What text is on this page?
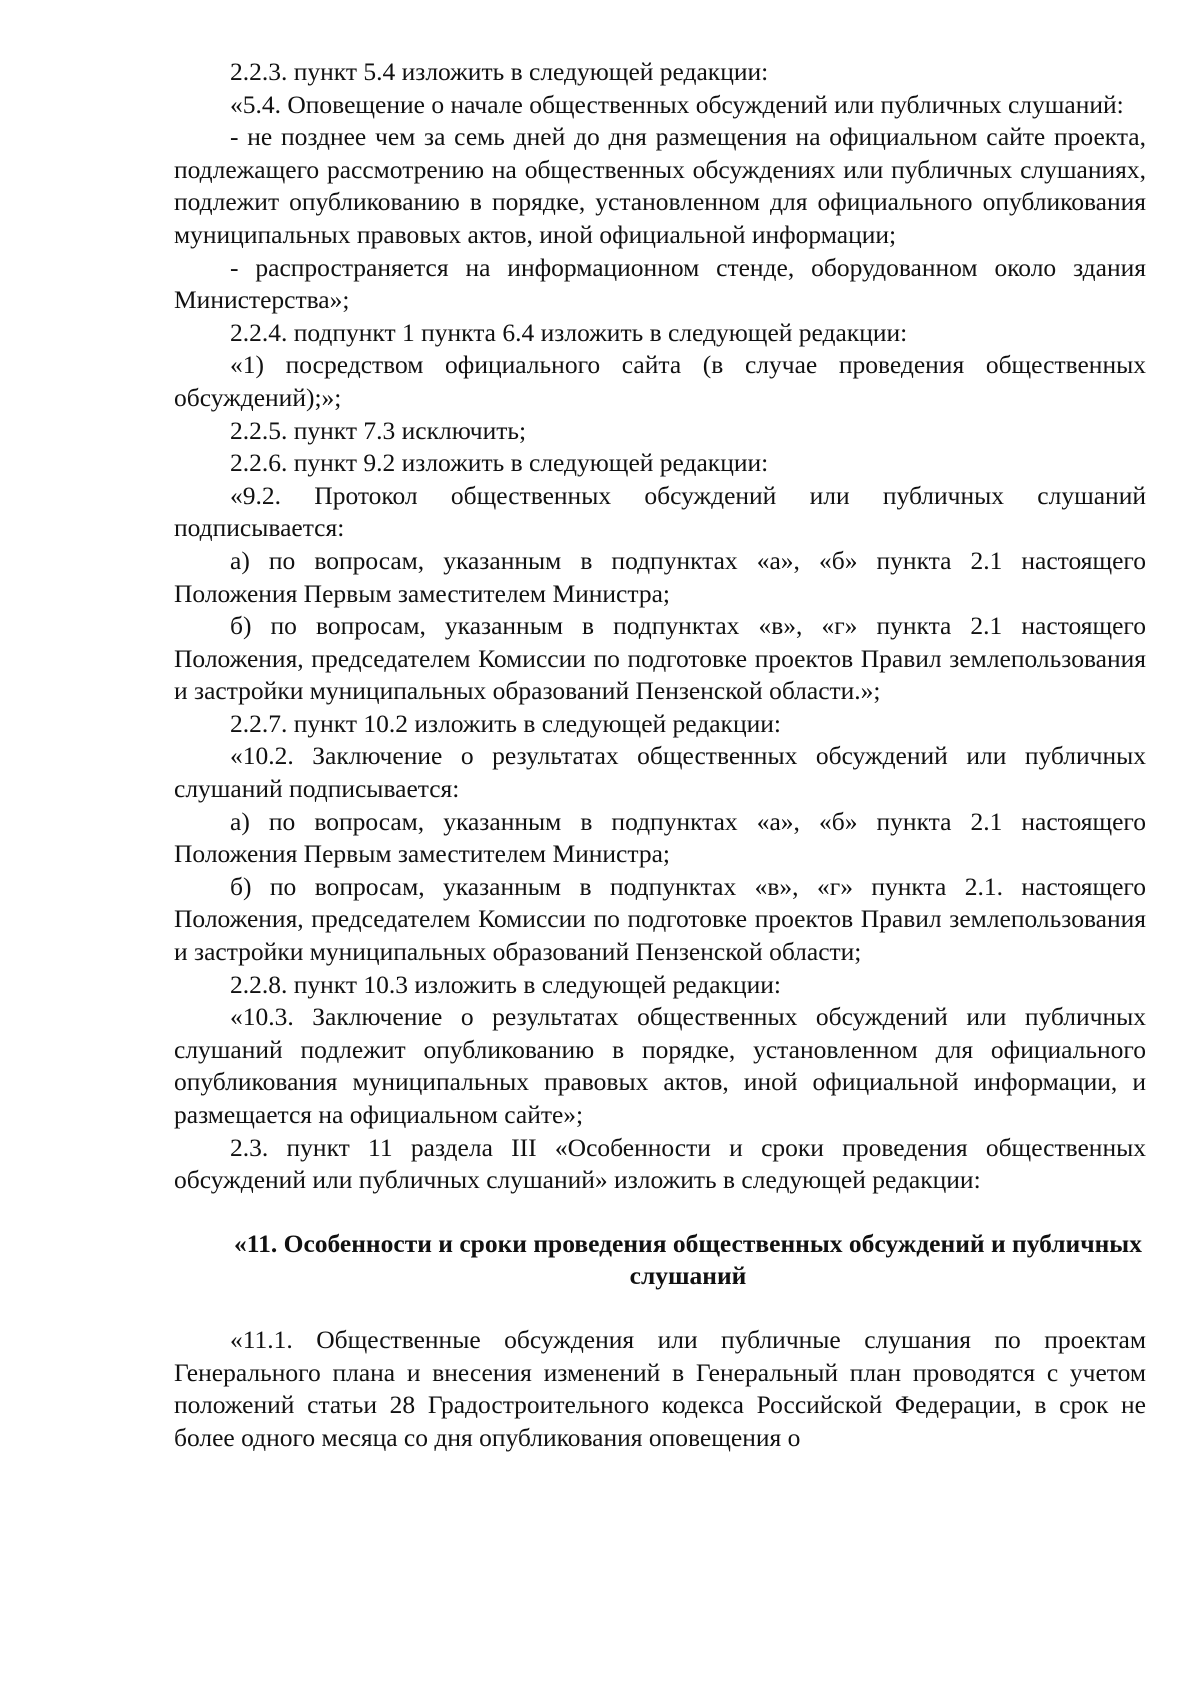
2.2.3. пункт 5.4 изложить в следующей редакции:

«5.4. Оповещение о начале общественных обсуждений или публичных слушаний:

- не позднее чем за семь дней до дня размещения на официальном сайте проекта, подлежащего рассмотрению на общественных обсуждениях или публичных слушаниях, подлежит опубликованию в порядке, установленном для официального опубликования муниципальных правовых актов, иной официальной информации;

- распространяется на информационном стенде, оборудованном около здания Министерства»;

2.2.4. подпункт 1 пункта 6.4 изложить в следующей редакции:

«1) посредством официального сайта (в случае проведения общественных обсуждений);»;

2.2.5. пункт 7.3 исключить;

2.2.6. пункт 9.2 изложить в следующей редакции:

«9.2. Протокол общественных обсуждений или публичных слушаний подписывается:

а) по вопросам, указанным в подпунктах «а», «б» пункта 2.1 настоящего Положения Первым заместителем Министра;

б) по вопросам, указанным в подпунктах «в», «г» пункта 2.1 настоящего Положения, председателем Комиссии по подготовке проектов Правил землепользования и застройки муниципальных образований Пензенской области.»;

2.2.7. пункт 10.2 изложить в следующей редакции:

«10.2. Заключение о результатах общественных обсуждений или публичных слушаний подписывается:

а) по вопросам, указанным в подпунктах «а», «б» пункта 2.1 настоящего Положения Первым заместителем Министра;

б) по вопросам, указанным в подпунктах «в», «г» пункта 2.1. настоящего Положения, председателем Комиссии по подготовке проектов Правил землепользования и застройки муниципальных образований Пензенской области;

2.2.8. пункт 10.3 изложить в следующей редакции:

«10.3. Заключение о результатах общественных обсуждений или публичных слушаний подлежит опубликованию в порядке, установленном для официального опубликования муниципальных правовых актов, иной официальной информации, и размещается на официальном сайте»;

2.3. пункт 11 раздела III «Особенности и сроки проведения общественных обсуждений или публичных слушаний» изложить в следующей редакции:

«11. Особенности и сроки проведения общественных обсуждений и публичных слушаний

«11.1. Общественные обсуждения или публичные слушания по проектам Генерального плана и внесения изменений в Генеральный план проводятся с учетом положений статьи 28 Градостроительного кодекса Российской Федерации, в срок не более одного месяца со дня опубликования оповещения о
